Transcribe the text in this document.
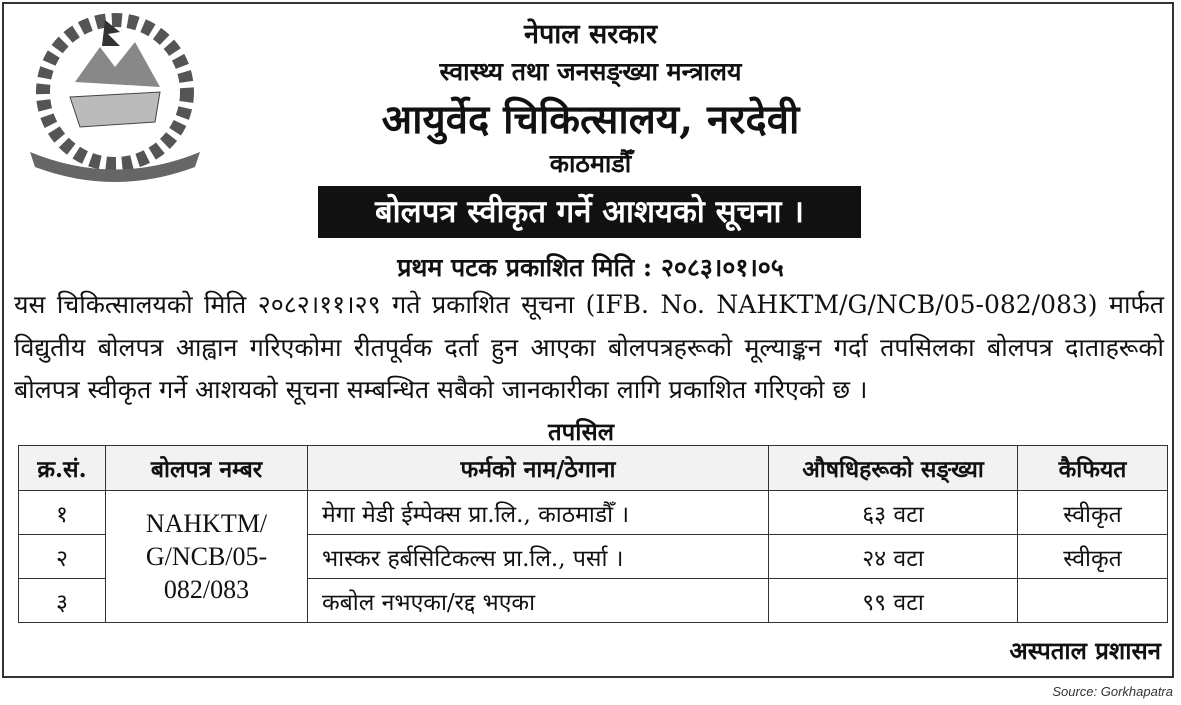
नेपाल सरकार
स्वास्थ्य तथा जनसङ्ख्या मन्त्रालय
आयुर्वेद चिकित्सालय, नरदेवी
काठमाडौँ
बोलपत्र स्वीकृत गर्ने आशयको सूचना ।
प्रथम पटक प्रकाशित मिति : २०८३।०१।०५
यस चिकित्सालयको मिति २०८२।११।२९ गते प्रकाशित सूचना (IFB. No. NAHKTM/G/NCB/05-082/083) मार्फत विद्युतीय बोलपत्र आह्वान गरिएकोमा रीतपूर्वक दर्ता हुन आएका बोलपत्रहरूको मूल्याङ्कन गर्दा तपसिलका बोलपत्र दाताहरूको बोलपत्र स्वीकृत गर्ने आशयको सूचना सम्बन्धित सबैको जानकारीका लागि प्रकाशित गरिएको छ ।
तपसिल
क्र.सं.	बोलपत्र नम्बर	फर्मको नाम/ठेगाना	औषधिहरूको सङ्ख्या	कैफियत
१	NAHKTM/ G/NCB/05- 082/083	मेगा मेडी ईम्पेक्स प्रा.लि., काठमाडौँ ।	६३ वटा	स्वीकृत
२		भास्कर हर्बसिटिकल्स प्रा.लि., पर्सा ।	२४ वटा	स्वीकृत
३		कबोल नभएका/रद्द भएका	९९ वटा	
अस्पताल प्रशासन
Source: Gorkhapatra
